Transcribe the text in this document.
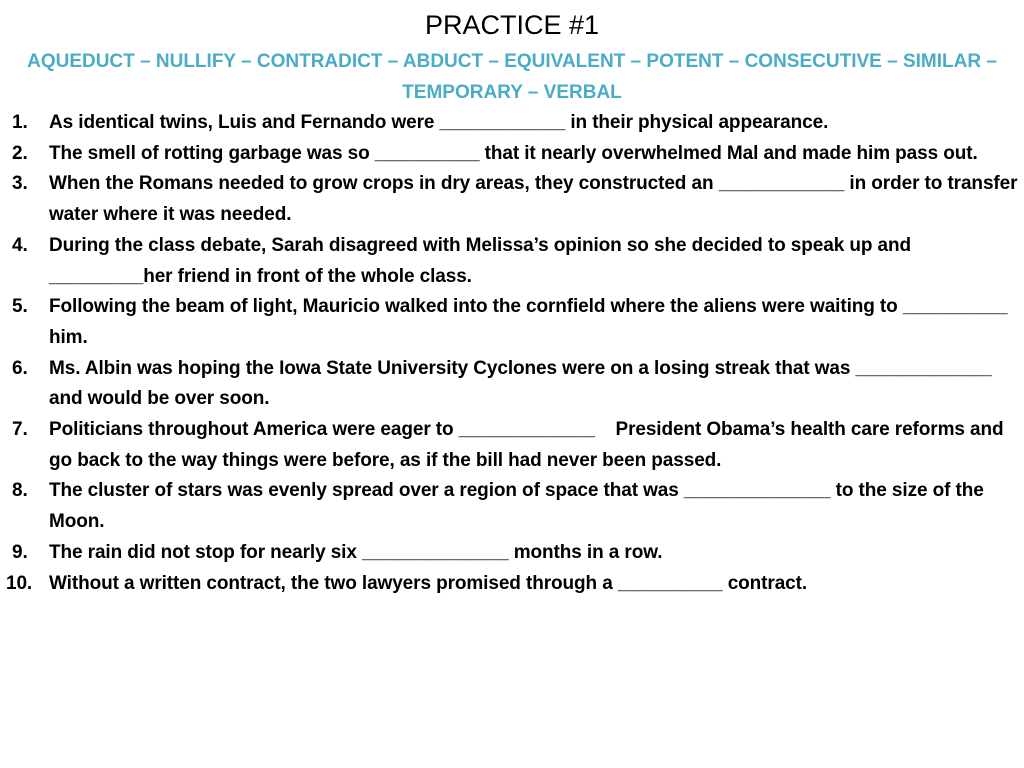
PRACTICE #1

AQUEDUCT – NULLIFY – CONTRADICT – ABDUCT – EQUIVALENT – POTENT – CONSECUTIVE – SIMILAR – TEMPORARY – VERBAL

1. As identical twins, Luis and Fernando were ____________ in their physical appearance.
2. The smell of rotting garbage was so __________ that it nearly overwhelmed Mal and made him pass out.
3. When the Romans needed to grow crops in dry areas, they constructed an ____________ in order to transfer water where it was needed.
4. During the class debate, Sarah disagreed with Melissa’s opinion so she decided to speak up and _________her friend in front of the whole class.
5. Following the beam of light, Mauricio walked into the cornfield where the aliens were waiting to __________ him.
6. Ms. Albin was hoping the Iowa State University Cyclones were on a losing streak that was _____________ and would be over soon.
7. Politicians throughout America were eager to _____________    President Obama’s health care reforms and go back to the way things were before, as if the bill had never been passed.
8. The cluster of stars was evenly spread over a region of space that was ______________ to the size of the Moon.
9. The rain did not stop for nearly six ______________ months in a row.
10. Without a written contract, the two lawyers promised through a __________ contract.
